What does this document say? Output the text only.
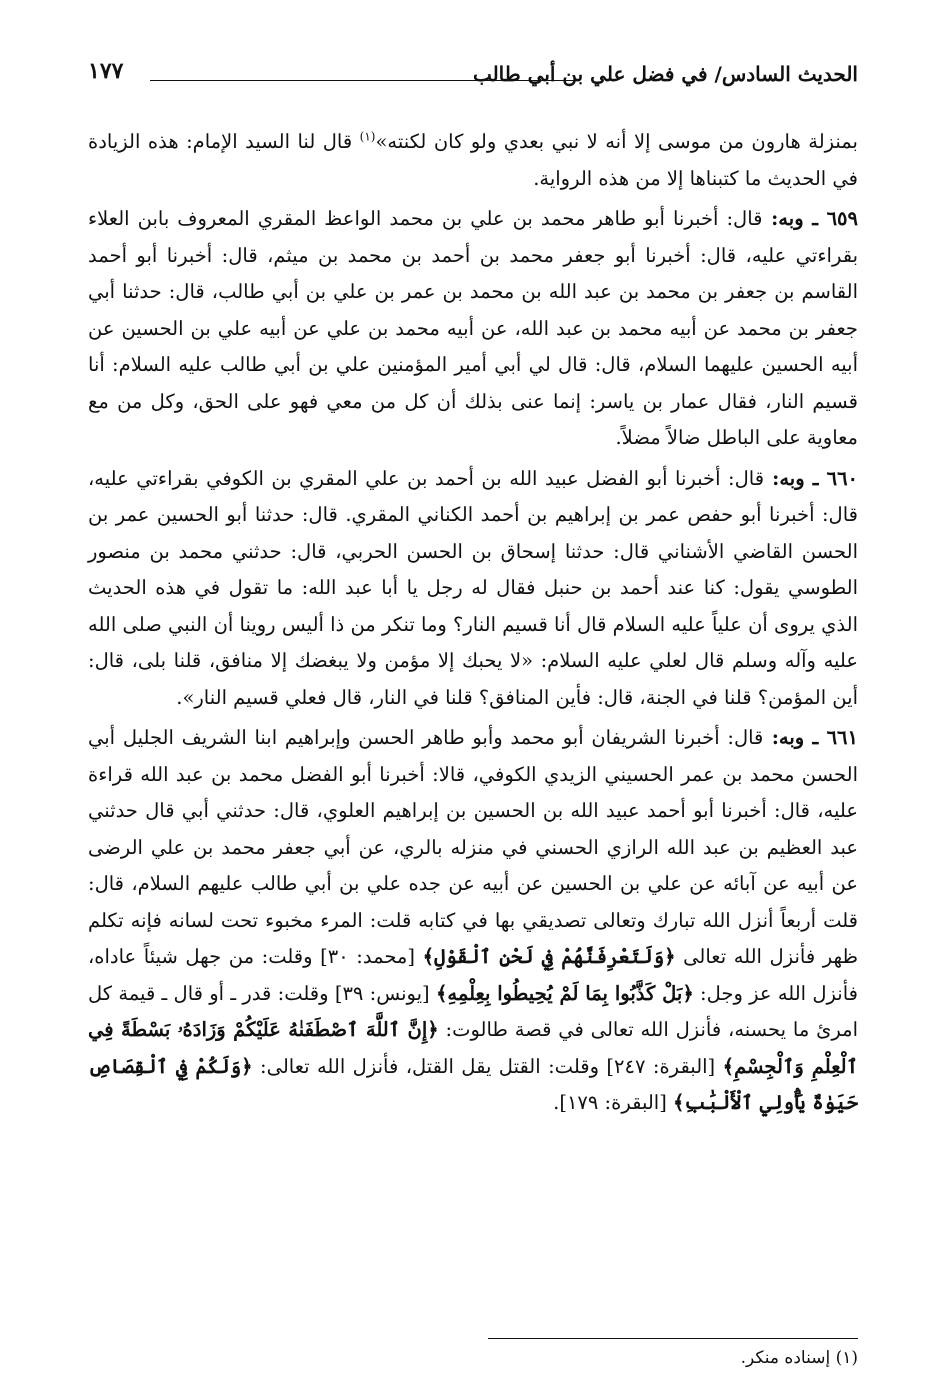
الحديث السادس/ في فضل علي بن أبي طالب
١٧٧

بمنزلة هارون من موسى إلا أنه لا نبي بعدي ولو كان لكنته»$^{(١)}$ قال لنا السيد الإمام: هذه الزيادة في الحديث ما كتبناها إلا من هذه الرواية.

٦٥٩ ـ وبه: قال: أخبرنا أبو طاهر محمد بن علي بن محمد الواعظ المقري المعروف بابن العلاء بقراءتي عليه، قال: أخبرنا أبو جعفر محمد بن أحمد بن محمد بن ميثم، قال: أخبرنا أبو أحمد القاسم بن جعفر بن محمد بن عبد الله بن محمد بن عمر بن علي بن أبي طالب، قال: حدثنا أبي جعفر بن محمد عن أبيه محمد بن عبد الله، عن أبيه محمد بن علي عن أبيه علي بن الحسين عن أبيه الحسين عليهما السلام، قال: قال لي أبي أمير المؤمنين علي بن أبي طالب عليه السلام: أنا قسيم النار، فقال عمار بن ياسر: إنما عنى بذلك أن كل من معي فهو على الحق، وكل من مع معاوية على الباطل ضالاً مضلاً.

٦٦٠ ـ وبه: قال: أخبرنا أبو الفضل عبيد الله بن أحمد بن علي المقري بن الكوفي بقراءتي عليه، قال: أخبرنا أبو حفص عمر بن إبراهيم بن أحمد الكناني المقري. قال: حدثنا أبو الحسين عمر بن الحسن القاضي الأشناني قال: حدثنا إسحاق بن الحسن الحربي، قال: حدثني محمد بن منصور الطوسي يقول: كنا عند أحمد بن حنبل فقال له رجل يا أبا عبد الله: ما تقول في هذه الحديث الذي يروى أن علياً عليه السلام قال أنا قسيم النار؟ وما تنكر من ذا أليس روينا أن النبي صلى الله عليه وآله وسلم قال لعلي عليه السلام: «لا يحبك إلا مؤمن ولا يبغضك إلا منافق، قلنا بلى، قال: أين المؤمن؟ قلنا في الجنة، قال: فأين المنافق؟ قلنا في النار، قال فعلي قسيم النار».

٦٦١ ـ وبه: قال: أخبرنا الشريفان أبو محمد وأبو طاهر الحسن وإبراهيم ابنا الشريف الجليل أبي الحسن محمد بن عمر الحسيني الزيدي الكوفي، قالا: أخبرنا أبو الفضل محمد بن عبد الله قراءة عليه، قال: أخبرنا أبو أحمد عبيد الله بن الحسين بن إبراهيم العلوي، قال: حدثني أبي قال حدثني عبد العظيم بن عبد الله الرازي الحسني في منزله بالري، عن أبي جعفر محمد بن علي الرضى عن أبيه عن آبائه عن علي بن الحسين عن أبيه عن جده علي بن أبي طالب عليهم السلام، قال: قلت أربعاً أنزل الله تبارك وتعالى تصديقي بها في كتابه قلت: المرء مخبوء تحت لسانه فإنه تكلم ظهر فأنزل الله تعالى ﴿وَلَتَعْرِفَنَّهُمْ فِي لَحْنِ ٱلْقَوْلِ﴾ [محمد: ٣٠] وقلت: من جهل شيئاً عاداه، فأنزل الله عز وجل: ﴿بَلْ كَذَّبُوا بِمَا لَمْ يُحِيطُوا بِعِلْمِهِ﴾ [يونس: ٣٩] وقلت: قدر ـ أو قال ـ قيمة كل امرئ ما يحسنه، فأنزل الله تعالى في قصة طالوت: ﴿إِنَّ ٱللَّهَ ٱصْطَفَنٰهُ عَلَيْكُمْ وَزَادَهُۥ بَسْطَةً فِي ٱلْعِلْمِ وَٱلْجِسْمِ﴾ [البقرة: ٢٤٧] وقلت: القتل يقل القتل، فأنزل الله تعالى: ﴿وَلَكُمْ فِي ٱلْقِصَاصِ حَيَوٰةٌ يَٰأُولِي ٱلْأَلْبَٰبِ﴾ [البقرة: ١٧٩].

(١) إسناده منكر.
